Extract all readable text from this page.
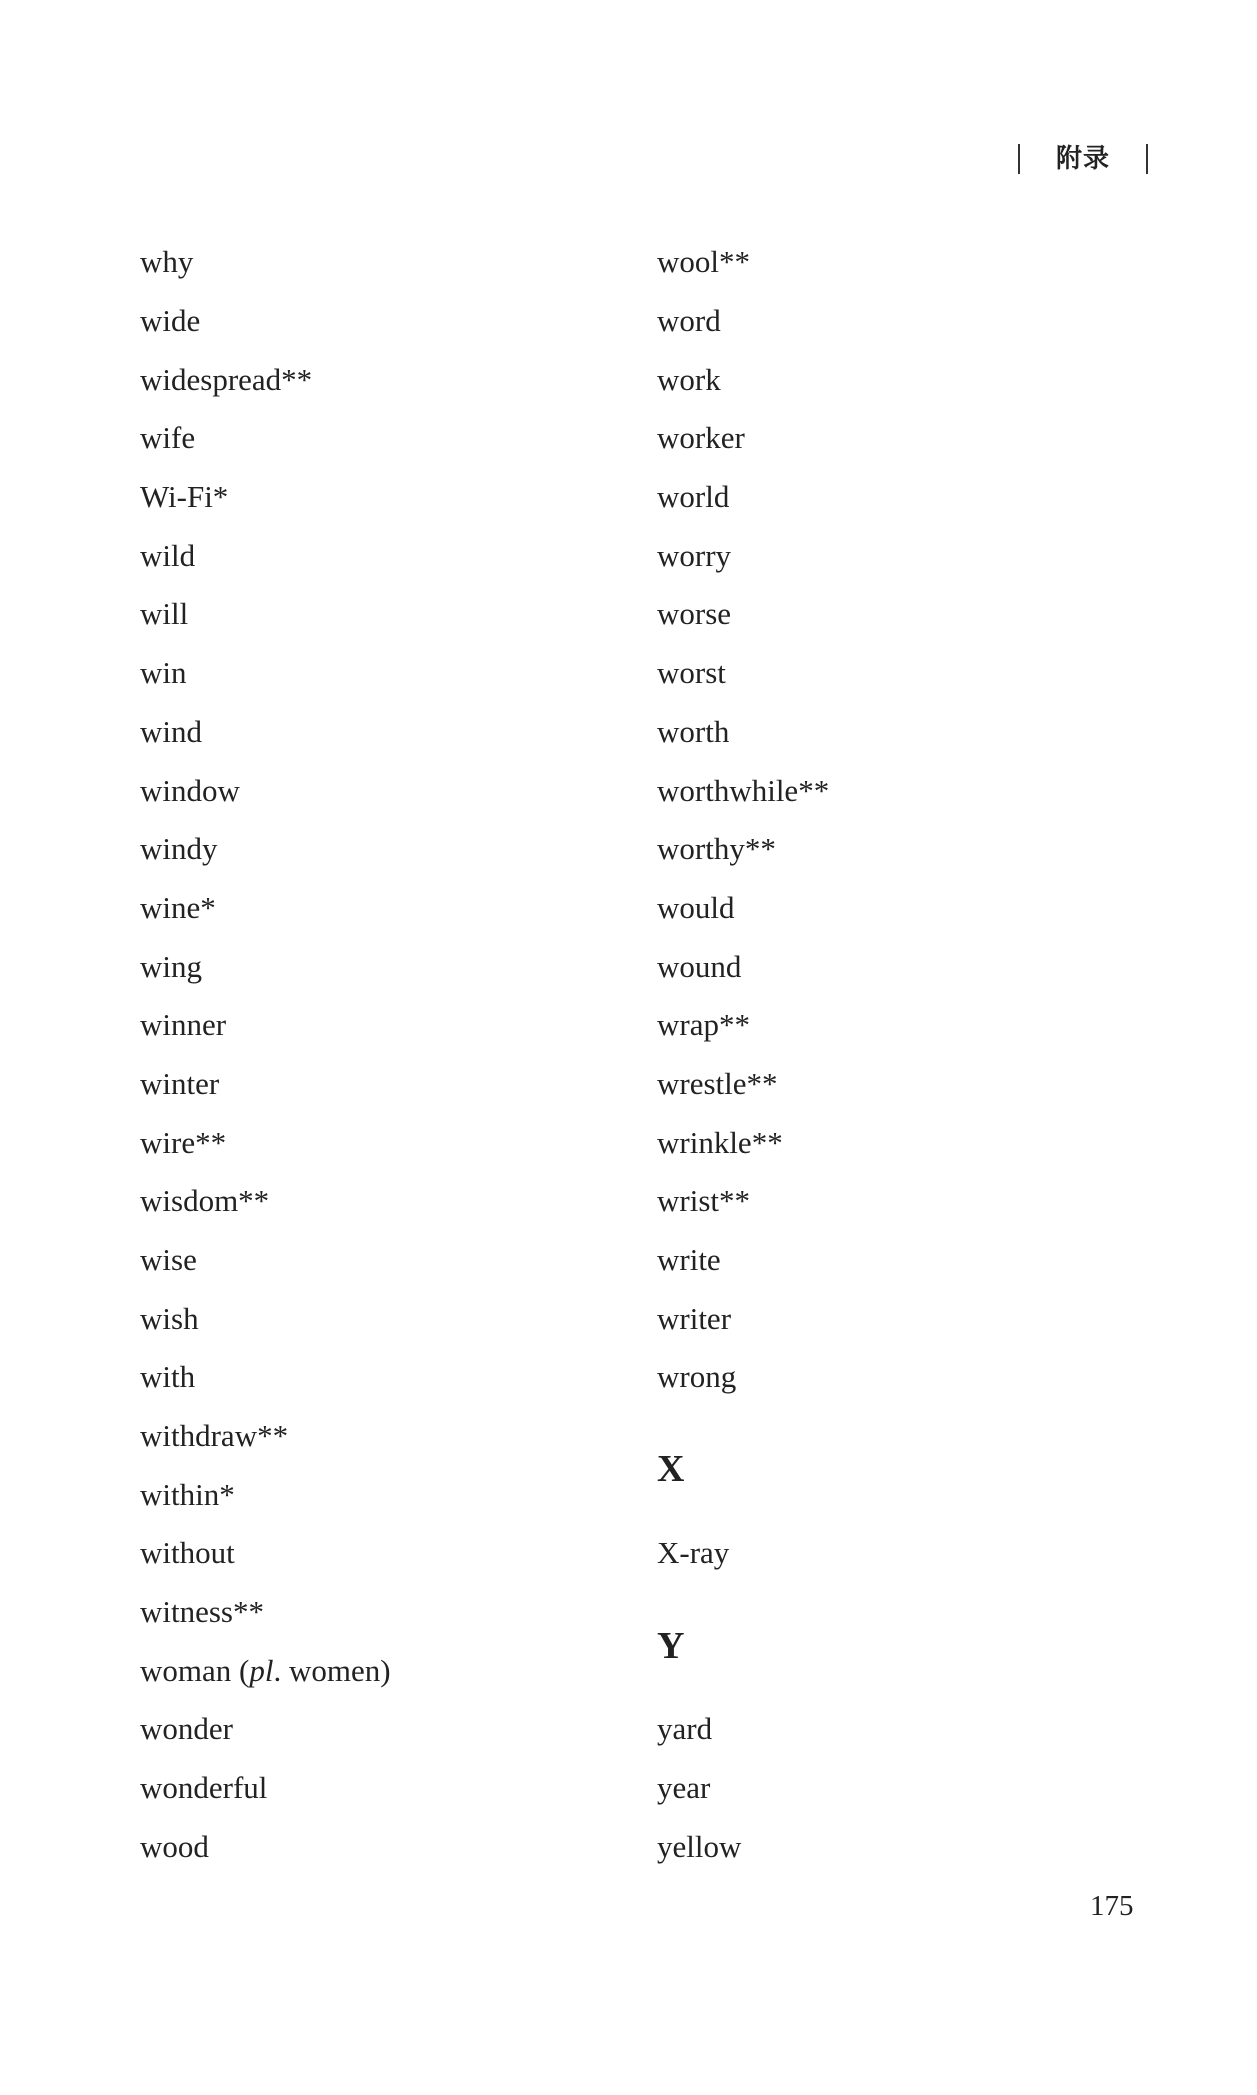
附录
why
wide
widespread**
wife
Wi-Fi*
wild
will
win
wind
window
windy
wine*
wing
winner
winter
wire**
wisdom**
wise
wish
with
withdraw**
within*
without
witness**
woman (pl. women)
wonder
wonderful
wood
wool**
word
work
worker
world
worry
worse
worst
worth
worthwhile**
worthy**
would
wound
wrap**
wrestle**
wrinkle**
wrist**
write
writer
wrong
X
X-ray
Y
yard
year
yellow
175
